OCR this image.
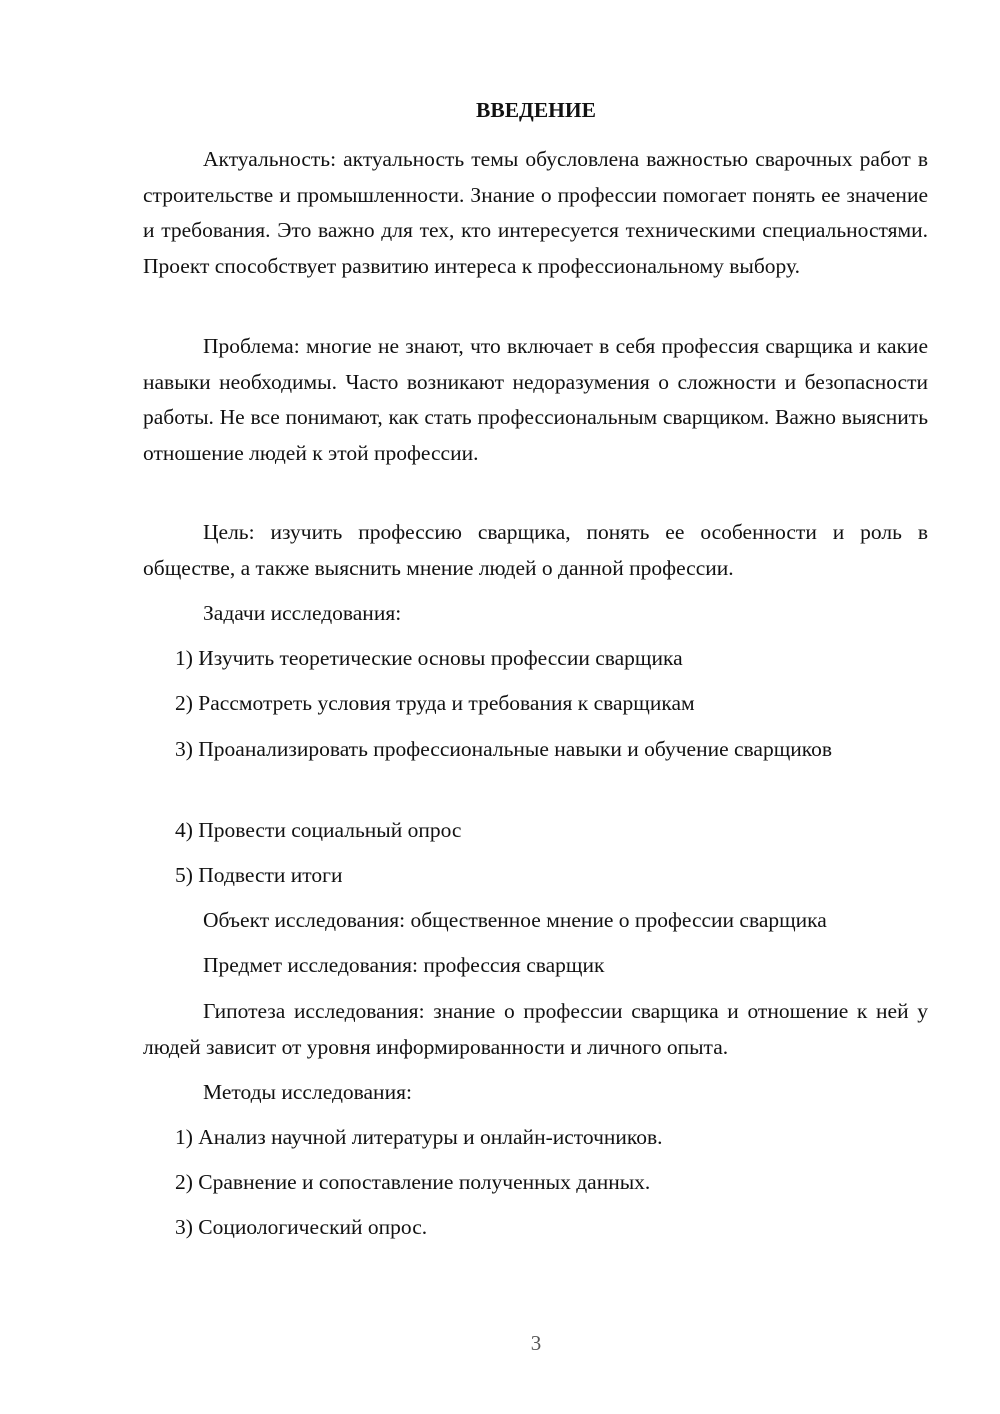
ВВЕДЕНИЕ

Актуальность: актуальность темы обусловлена важностью сварочных работ в строительстве и промышленности. Знание о профессии помогает понять ее значение и требования. Это важно для тех, кто интересуется техническими специальностями. Проект способствует развитию интереса к профессиональному выбору.

Проблема: многие не знают, что включает в себя профессия сварщика и какие навыки необходимы. Часто возникают недоразумения о сложности и безопасности работы. Не все понимают, как стать профессиональным сварщиком. Важно выяснить отношение людей к этой профессии.

Цель: изучить профессию сварщика, понять ее особенности и роль в обществе, а также выяснить мнение людей о данной профессии.

Задачи исследования:

1) Изучить теоретические основы профессии сварщика

2) Рассмотреть условия труда и требования к сварщикам

3) Проанализировать профессиональные навыки и обучение сварщиков

4) Провести социальный опрос

5) Подвести итоги

Объект исследования: общественное мнение о профессии сварщика

Предмет исследования: профессия сварщик

Гипотеза исследования: знание о профессии сварщика и отношение к ней у людей зависит от уровня информированности и личного опыта.

Методы исследования:

1) Анализ научной литературы и онлайн-источников.

2) Сравнение и сопоставление полученных данных.

3) Социологический опрос.

3
